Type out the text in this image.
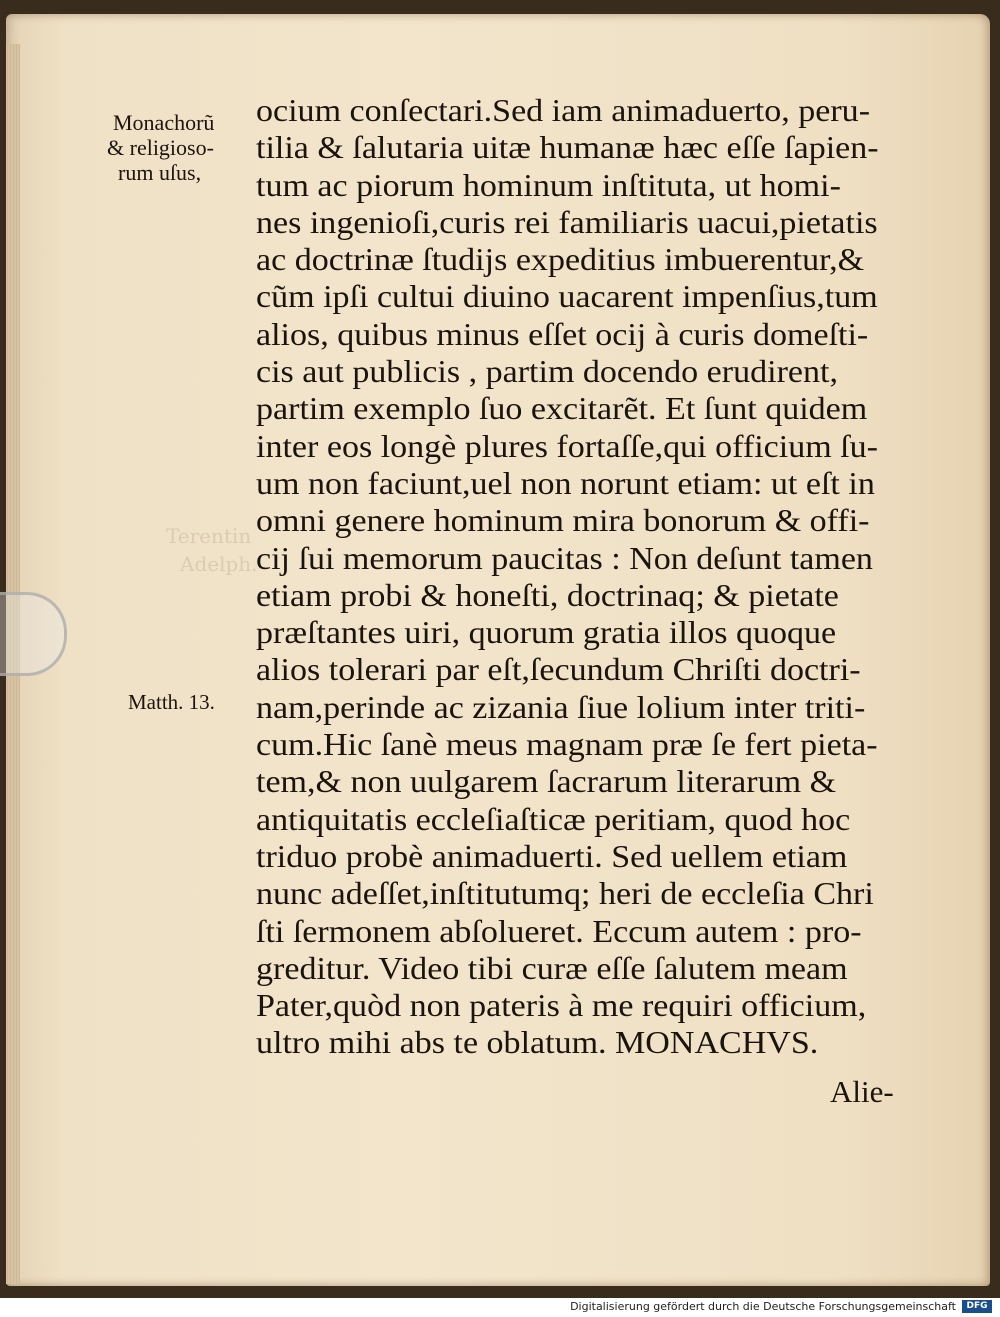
Terentin
Adelph.
Monachorũ
& religioso-
rum uſus,
Matth. 13.
ocium conſectari.Sed iam animaduerto, peru-
tilia & ſalutaria uitæ humanæ hæc eſſe ſapien-
tum ac piorum hominum inſtituta, ut homi-
nes ingenioſi,curis rei familiaris uacui,pietatis
ac doctrinæ ſtudijs expeditius imbuerentur,&
cũm ipſi cultui diuino uacarent impenſius,tum
alios, quibus minus eſſet ocij à curis domeſti-
cis aut publicis , partim docendo erudirent,
partim exemplo ſuo excitarẽt. Et ſunt quidem
inter eos longè plures fortaſſe,qui officium ſu-
um non faciunt,uel non norunt etiam: ut eſt in
omni genere hominum mira bonorum & offi-
cij ſui memorum paucitas : Non deſunt tamen
etiam probi & honeſti, doctrinaq; & pietate
præſtantes uiri, quorum gratia illos quoque
alios tolerari par eſt,ſecundum Chriſti doctri-
nam,perinde ac zizania ſiue lolium inter triti-
cum.Hic ſanè meus magnam præ ſe fert pieta-
tem,& non uulgarem ſacrarum literarum &
antiquitatis eccleſiaſticæ peritiam, quod hoc
triduo probè animaduerti. Sed uellem etiam
nunc adeſſet,inſtitutumq; heri de eccleſia Chri
ſti ſermonem abſolueret. Eccum autem : pro-
greditur. Video tibi curæ eſſe ſalutem meam
Pater,quòd non pateris à me requiri officium,
ultro mihi abs te oblatum. MONACHVS.
Alie-
Digitalisierung gefördert durch die Deutsche Forschungsgemeinschaft	DFG
